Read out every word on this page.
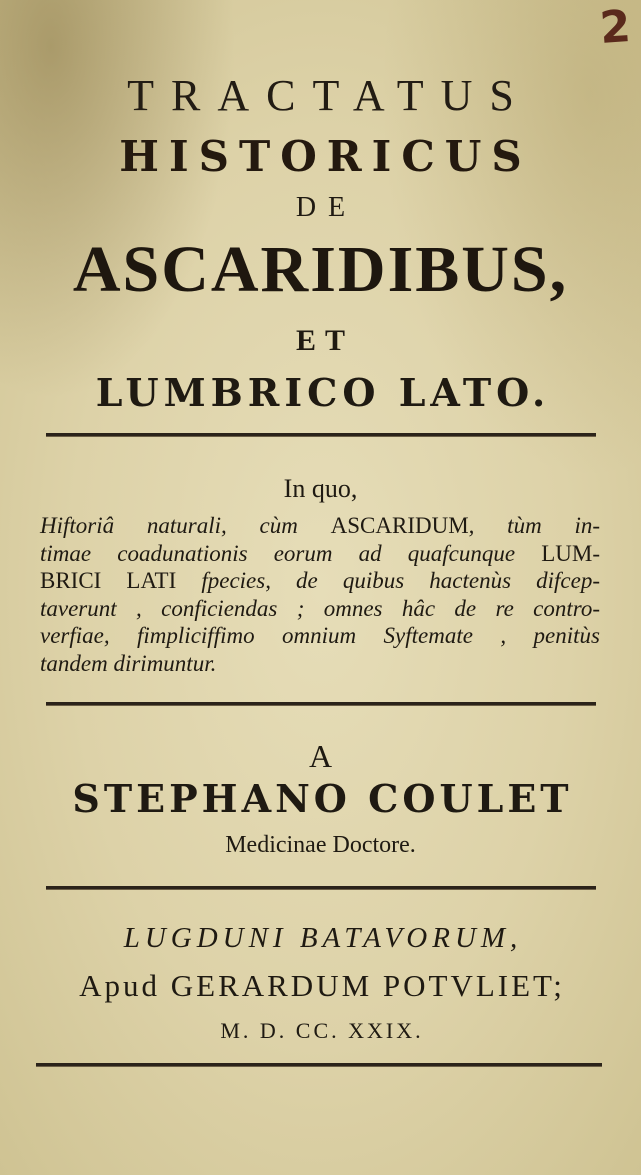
2
TRACTATUS
HISTORICUS
DE
ASCARIDIBUS,
ET
LUMBRICO LATO.
In quo,
Hiftoriâ naturali, cùm ASCARIDUM, tùm in-
timae coadunationis eorum ad quafcunque LUM-
BRICI LATI fpecies, de quibus hactenùs difcep-
taverunt , conficiendas ; omnes hâc de re contro-
verfiae, fimpliciffimo omnium Syftemate , penitùs
tandem dirimuntur.
A
STEPHANO COULET
Medicinae Doctore.
LUGDUNI BATAVORUM,
Apud GERARDUM POTVLIET;
M. D. CC. XXIX.
